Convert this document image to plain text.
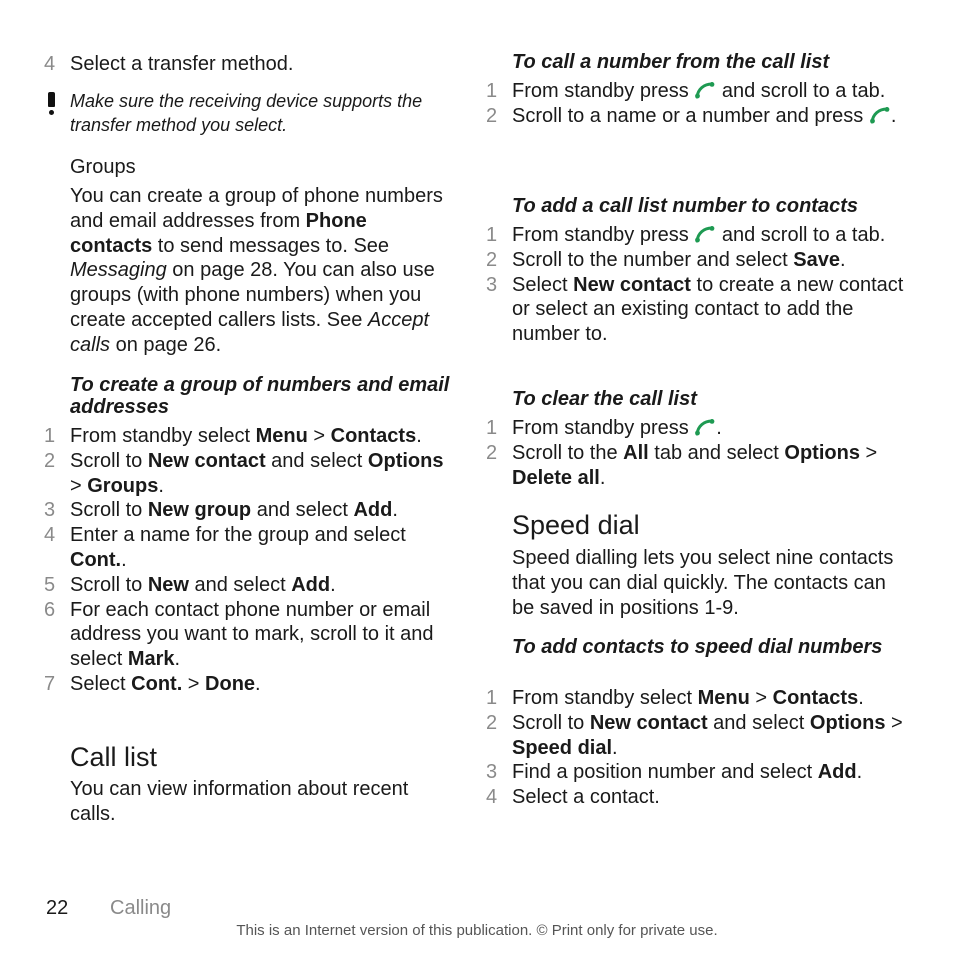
4 Select a transfer method.
Make sure the receiving device supports the transfer method you select.
Groups
You can create a group of phone numbers and email addresses from Phone contacts to send messages to. See Messaging on page 28. You can also use groups (with phone numbers) when you create accepted callers lists. See Accept calls on page 26.
To create a group of numbers and email addresses
1 From standby select Menu > Contacts.
2 Scroll to New contact and select Options > Groups.
3 Scroll to New group and select Add.
4 Enter a name for the group and select Cont..
5 Scroll to New and select Add.
6 For each contact phone number or email address you want to mark, scroll to it and select Mark.
7 Select Cont. > Done.
Call list
You can view information about recent calls.
To call a number from the call list
1 From standby press  and scroll to a tab.
2 Scroll to a name or a number and press .
To add a call list number to contacts
1 From standby press  and scroll to a tab.
2 Scroll to the number and select Save.
3 Select New contact to create a new contact or select an existing contact to add the number to.
To clear the call list
1 From standby press .
2 Scroll to the All tab and select Options > Delete all.
Speed dial
Speed dialling lets you select nine contacts that you can dial quickly. The contacts can be saved in positions 1-9.
To add contacts to speed dial numbers
1 From standby select Menu > Contacts.
2 Scroll to New contact and select Options > Speed dial.
3 Find a position number and select Add.
4 Select a contact.
22 Calling
This is an Internet version of this publication. © Print only for private use.
